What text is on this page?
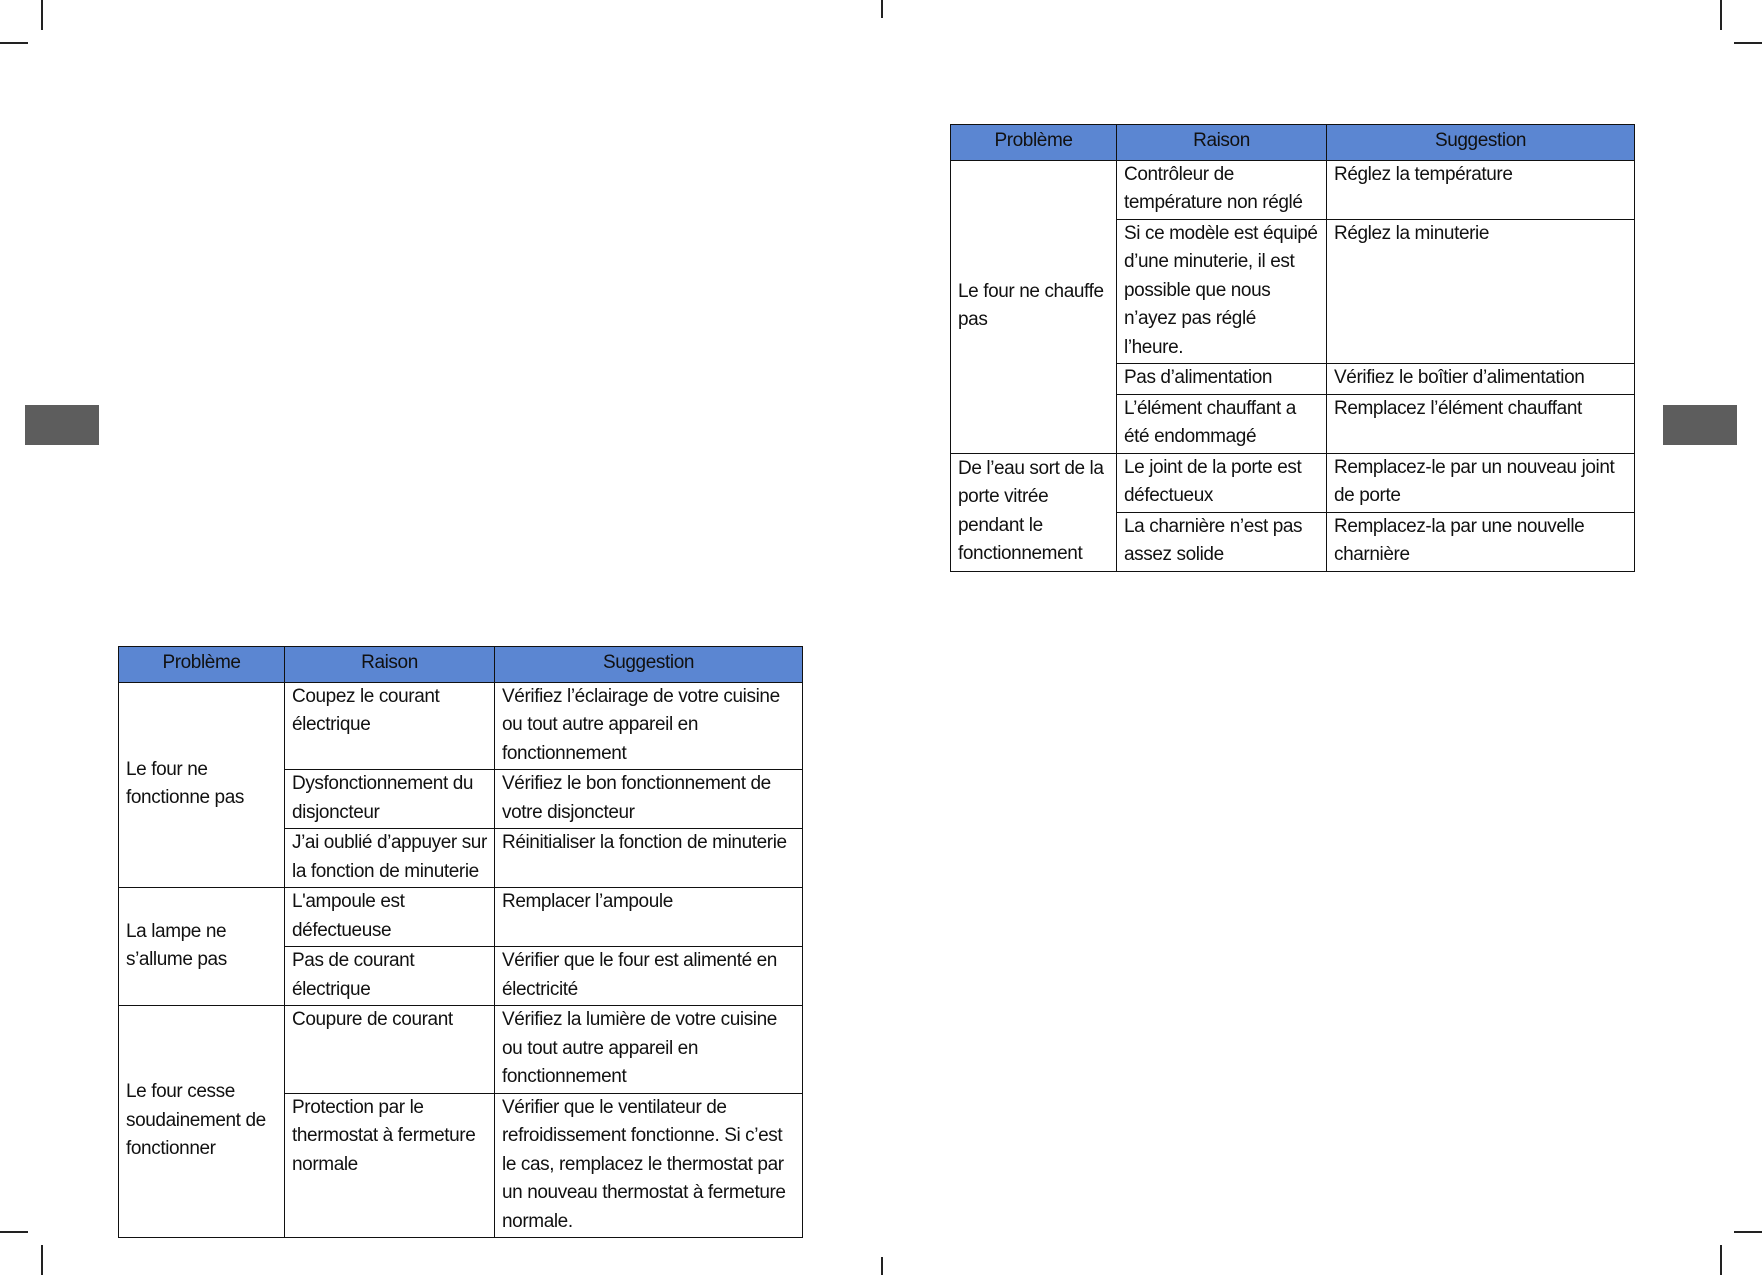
Problème	Raison	Suggestion
Le four ne fonctionne pas	Coupez le courant électrique	Vérifiez l’éclairage de votre cuisine ou tout autre appareil en fonctionnement
	Dysfonctionnement du disjoncteur	Vérifiez le bon fonctionnement de votre disjoncteur
	J’ai oublié d’appuyer sur la fonction de minuterie	Réinitialiser la fonction de minuterie
La lampe ne s’allume pas	L'ampoule est défectueuse	Remplacer l’ampoule
	Pas de courant électrique	Vérifier que le four est alimenté en électricité
Le four cesse soudainement de fonctionner	Coupure de courant	Vérifiez la lumière de votre cuisine ou tout autre appareil en fonctionnement
	Protection par le thermostat à fermeture normale	Vérifier que le ventilateur de refroidissement fonctionne. Si c’est le cas, remplacez le thermostat par un nouveau thermostat à fermeture normale.
Problème	Raison	Suggestion
Le four ne chauffe pas	Contrôleur de température non réglé	Réglez la température
	Si ce modèle est équipé d’une minuterie, il est possible que nous n’ayez pas réglé l’heure.	Réglez la minuterie
	Pas d’alimentation	Vérifiez le boîtier d’alimentation
	L’élément chauffant a été endommagé	Remplacez l’élément chauffant
De l’eau sort de la porte vitrée pendant le fonctionnement	Le joint de la porte est défectueux	Remplacez-le par un nouveau joint de porte
	La charnière n’est pas assez solide	Remplacez-la par une nouvelle charnière
